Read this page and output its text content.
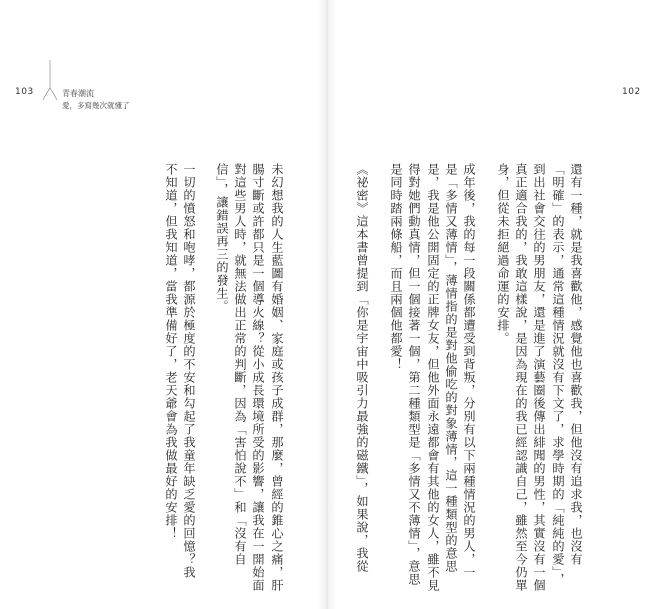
103	青春潮流
愛，多寫幾次就懂了
102
不知道，但我知道，當我準備好了，老天爺會為我做最好的安排！ 一切的憤怒和咆哮，都源於極度的不安和勾起了我童年缺乏愛的回憶？我 信」，讓錯誤再三的發生。 對這些男人時，就無法做出正常的判斷，因為「害怕說不」和「沒有自 腸寸斷或許都只是一個導火線？從小成長環境所受的影響，讓我在一開始面 未幻想我的人生藍圖有婚姻、家庭或孩子成群，那麼，曾經的錐心之痛，肝	《祕密》這本書曾提到「你是宇宙中吸引力最強的磁鐵」，如果說，我從 是同時踏兩條船，而且兩個他都愛！ 得對她們動真情，但一個接著一個，第二種類型是「多情又不薄情」，意思 是，我是他公開固定的正牌女友，但他外面永遠都會有其他的女人，雖不見 是「多情又薄情」，薄情指的是對他偷吃的對象薄情，這一種類型的意思 成年後，我的每一段關係都遭受到背叛，分別有以下兩種情況的男人，一 身，但從未拒絕過命運的安排。 真正適合我的，我敢這樣說，是因為現在的我已經認識自己，雖然至今仍單 到出社會交往的男朋友，還是進了演藝圈後傳出緋聞的男性，其實沒有一個 「明確」的表示，通常這種情況就沒有下文了，求學時期的「純純的愛」， 還有一種，就是我喜歡他，感覺他也喜歡我，但他沒有追求我，也沒有
